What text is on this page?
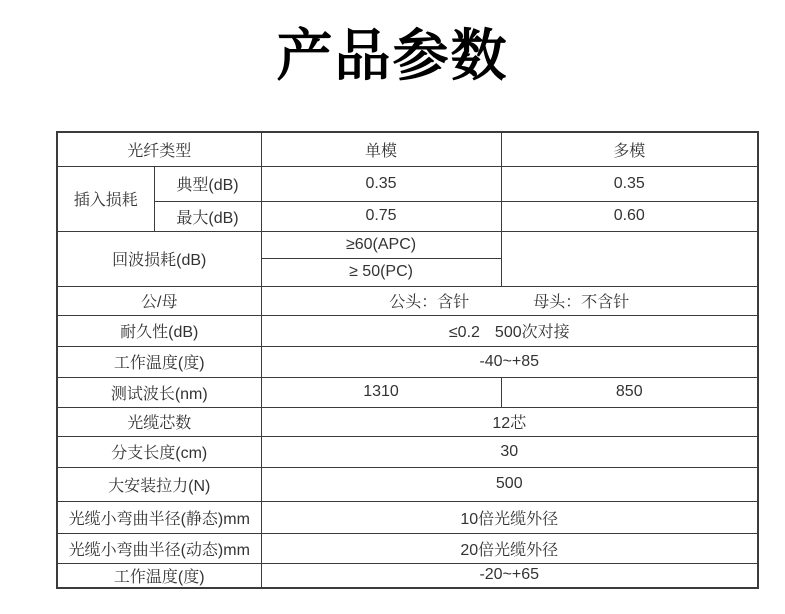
产品参数
光纤类型		单模	多模
插入损耗	典型(dB)	0.35	0.35
	最大(dB)	0.75	0.60
回波损耗(dB)		≥60(APC)	
		≥ 50(PC)	
公/母		公头：含针 母头：不含针	
耐久性(dB)		≤0.2 500次对接	
工作温度(度)		-40~+85	
测试波长(nm)		1310	850
光缆芯数		12芯	
分支长度(cm)		30	
大安装拉力(N)		500	
光缆小弯曲半径(静态)mm		10倍光缆外径	
光缆小弯曲半径(动态)mm		20倍光缆外径	
工作温度(度)		-20~+65	
